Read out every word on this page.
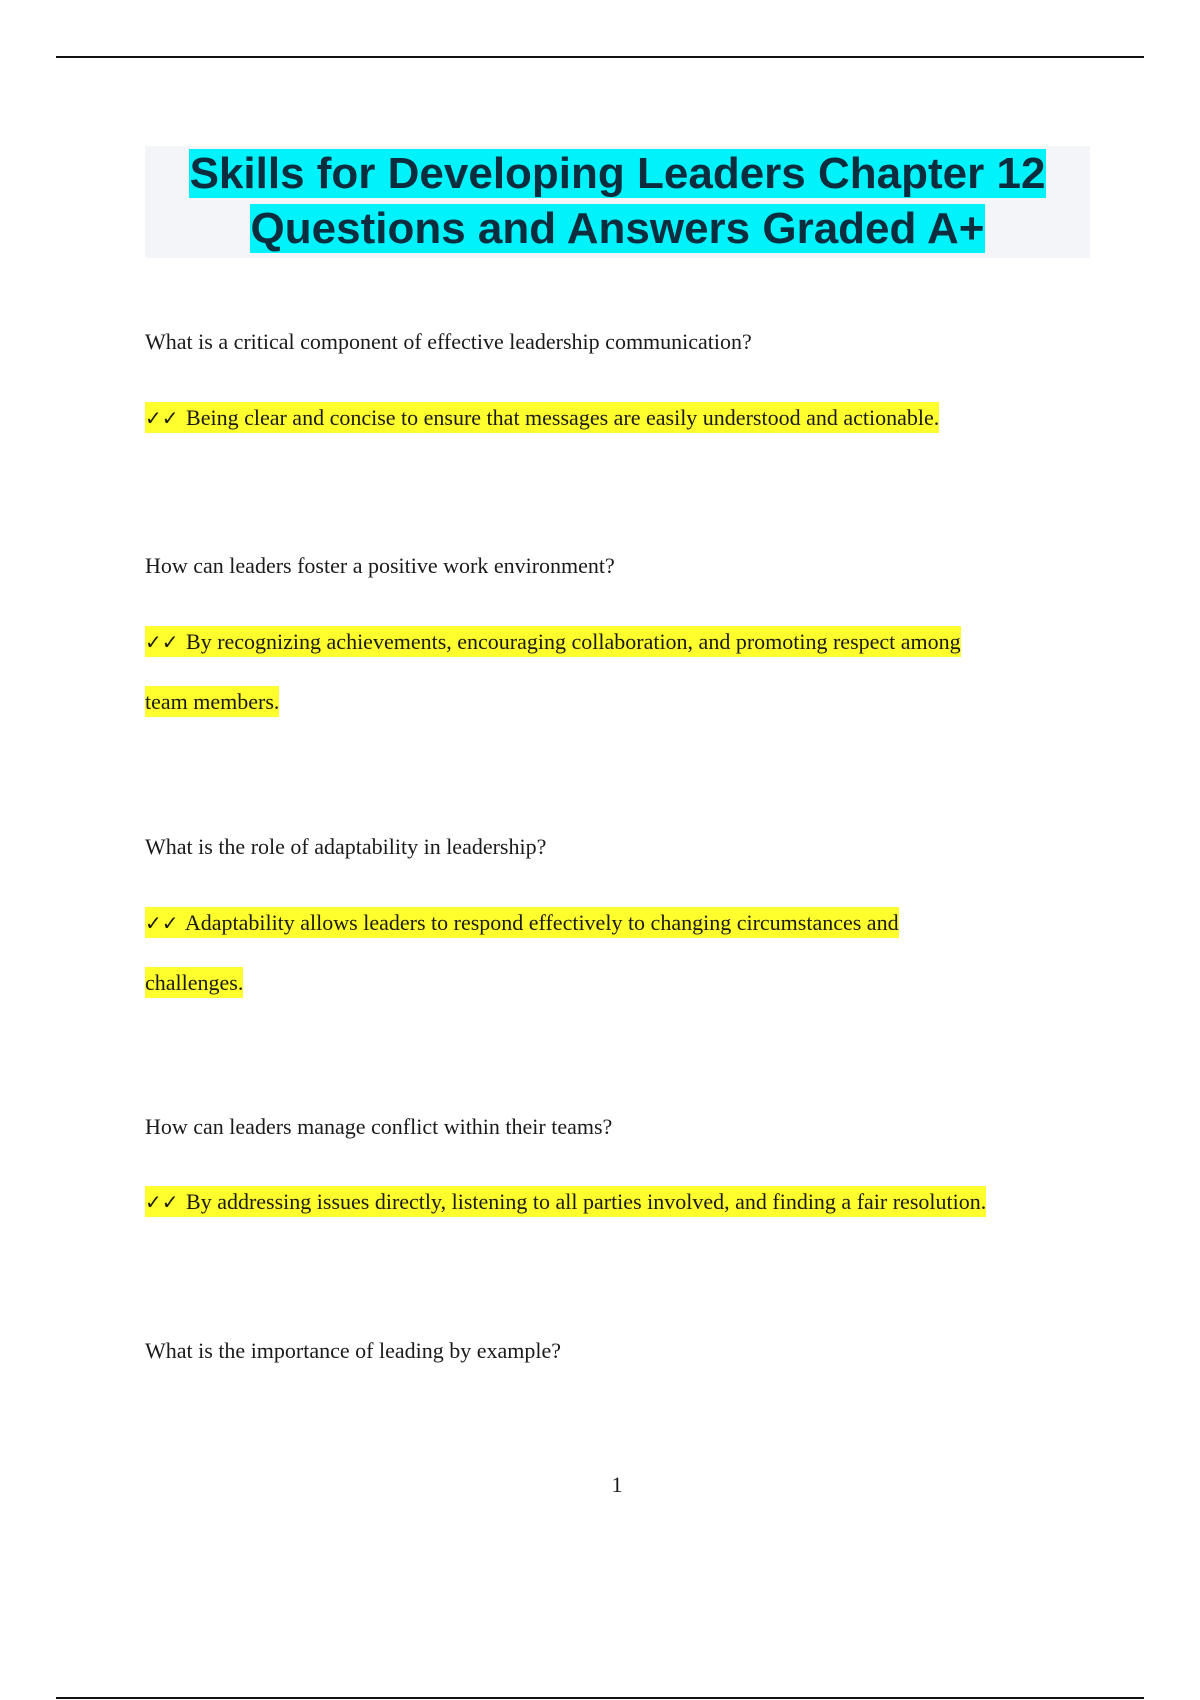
Skills for Developing Leaders Chapter 12
Questions and Answers Graded A+

What is a critical component of effective leadership communication?

✓✓ Being clear and concise to ensure that messages are easily understood and actionable.

How can leaders foster a positive work environment?

✓✓ By recognizing achievements, encouraging collaboration, and promoting respect among
team members.

What is the role of adaptability in leadership?

✓✓ Adaptability allows leaders to respond effectively to changing circumstances and
challenges.

How can leaders manage conflict within their teams?

✓✓ By addressing issues directly, listening to all parties involved, and finding a fair resolution.

What is the importance of leading by example?

1
